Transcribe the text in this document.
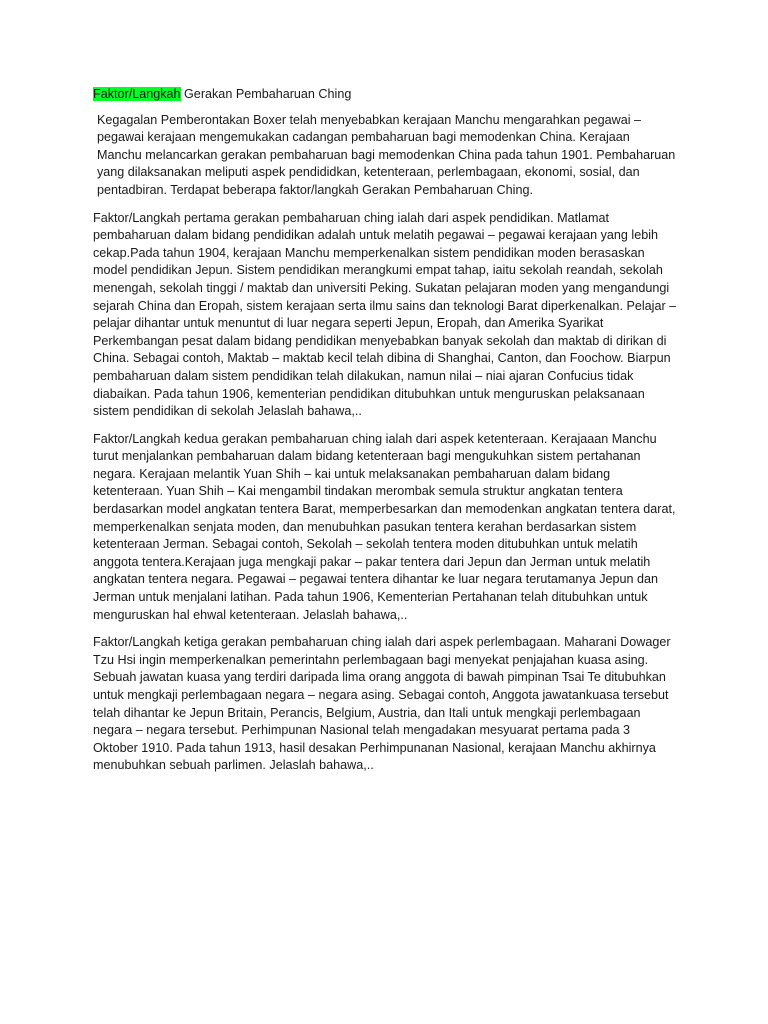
Faktor/Langkah Gerakan Pembaharuan Ching

Kegagalan Pemberontakan Boxer telah menyebabkan kerajaan Manchu mengarahkan pegawai – pegawai kerajaan mengemukakan cadangan pembaharuan bagi memodenkan China. Kerajaan Manchu melancarkan gerakan pembaharuan bagi memodenkan China pada tahun 1901. Pembaharuan yang dilaksanakan meliputi aspek pendididkan, ketenteraan, perlembagaan, ekonomi, sosial, dan pentadbiran. Terdapat beberapa faktor/langkah Gerakan Pembaharuan Ching.

Faktor/Langkah pertama gerakan pembaharuan ching ialah dari aspek pendidikan. Matlamat pembaharuan dalam bidang pendidikan adalah untuk melatih pegawai – pegawai kerajaan yang lebih cekap.Pada tahun 1904, kerajaan Manchu memperkenalkan sistem pendidikan moden berasaskan model pendidikan Jepun. Sistem pendidikan merangkumi empat tahap, iaitu sekolah reandah, sekolah menengah, sekolah tinggi / maktab dan universiti Peking. Sukatan pelajaran moden yang mengandungi sejarah China dan Eropah, sistem kerajaan serta ilmu sains dan teknologi Barat diperkenalkan. Pelajar – pelajar dihantar untuk menuntut di luar negara seperti Jepun, Eropah, dan Amerika Syarikat Perkembangan pesat dalam bidang pendidikan menyebabkan banyak sekolah dan maktab di dirikan di China. Sebagai contoh, Maktab – maktab kecil telah dibina di Shanghai, Canton, dan Foochow. Biarpun pembaharuan dalam sistem pendidikan telah dilakukan, namun nilai – niai ajaran Confucius tidak diabaikan. Pada tahun 1906, kementerian pendidikan ditubuhkan untuk menguruskan pelaksanaan sistem pendidikan di sekolah Jelaslah bahawa,..

Faktor/Langkah kedua gerakan pembaharuan ching ialah dari aspek ketenteraan. Kerajaaan Manchu turut menjalankan pembaharuan dalam bidang ketenteraan bagi mengukuhkan sistem pertahanan negara. Kerajaan melantik Yuan Shih – kai untuk melaksanakan pembaharuan dalam bidang ketenteraan. Yuan Shih – Kai mengambil tindakan merombak semula struktur angkatan tentera berdasarkan model angkatan tentera Barat, memperbesarkan dan memodenkan angkatan tentera darat, memperkenalkan senjata moden, dan menubuhkan pasukan tentera kerahan berdasarkan sistem ketenteraan Jerman. Sebagai contoh, Sekolah – sekolah tentera moden ditubuhkan untuk melatih anggota tentera.Kerajaan juga mengkaji pakar – pakar tentera dari Jepun dan Jerman untuk melatih angkatan tentera negara. Pegawai – pegawai tentera dihantar ke luar negara terutamanya Jepun dan Jerman untuk menjalani latihan. Pada tahun 1906, Kementerian Pertahanan telah ditubuhkan untuk menguruskan hal ehwal ketenteraan. Jelaslah bahawa,..

Faktor/Langkah ketiga gerakan pembaharuan ching ialah dari aspek perlembagaan. Maharani Dowager Tzu Hsi ingin memperkenalkan pemerintahn perlembagaan bagi menyekat penjajahan kuasa asing. Sebuah jawatan kuasa yang terdiri daripada lima orang anggota di bawah pimpinan Tsai Te ditubuhkan untuk mengkaji perlembagaan negara – negara asing. Sebagai contoh, Anggota jawatankuasa tersebut telah dihantar ke Jepun Britain, Perancis, Belgium, Austria, dan Itali untuk mengkaji perlembagaan negara – negara tersebut. Perhimpunan Nasional telah mengadakan mesyuarat pertama pada 3 Oktober 1910. Pada tahun 1913, hasil desakan Perhimpunanan Nasional, kerajaan Manchu akhirnya menubuhkan sebuah parlimen. Jelaslah bahawa,..
